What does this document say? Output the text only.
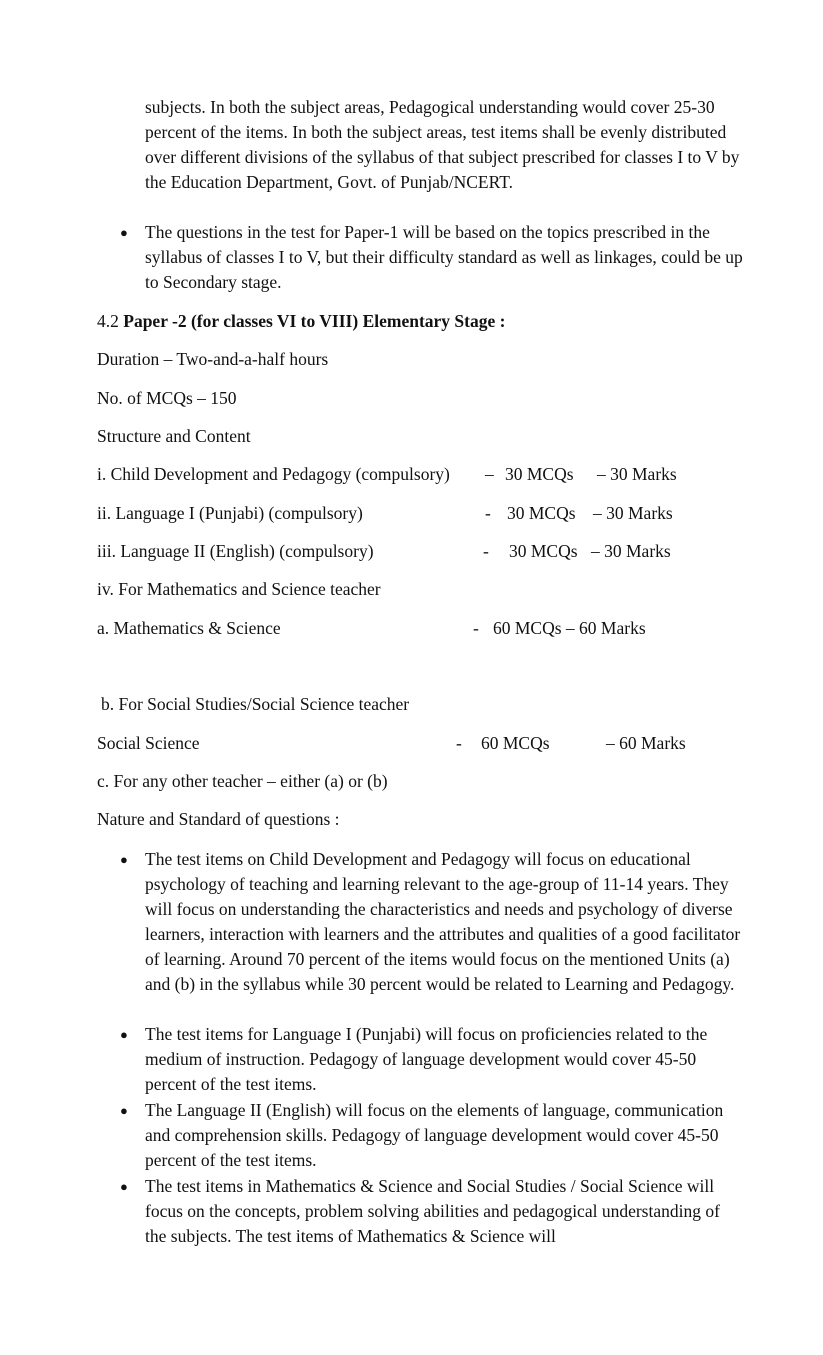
subjects. In both the subject areas, Pedagogical understanding would cover 25-30 percent of the items. In both the subject areas, test items shall be evenly distributed over different divisions of the syllabus of that subject prescribed for classes I to V by the Education Department, Govt. of Punjab/NCERT.
● The questions in the test for Paper-1 will be based on the topics prescribed in the syllabus of classes I to V, but their difficulty standard as well as linkages, could be up to Secondary stage.
4.2 Paper -2 (for classes VI to VIII) Elementary Stage :
Duration – Two-and-a-half hours
No. of MCQs – 150
Structure and Content
i. Child Development and Pedagogy (compulsory) – 30 MCQs – 30 Marks
ii. Language I (Punjabi) (compulsory)	- 30 MCQs – 30 Marks
iii. Language II (English) (compulsory)	- 30 MCQs – 30 Marks
iv. For Mathematics and Science teacher
a. Mathematics & Science	- 60 MCQs – 60 Marks
b. For Social Studies/Social Science teacher
Social Science	- 60 MCQs	– 60 Marks
c. For any other teacher – either (a) or (b)
Nature and Standard of questions :
● The test items on Child Development and Pedagogy will focus on educational psychology of teaching and learning relevant to the age-group of 11-14 years. They will focus on understanding the characteristics and needs and psychology of diverse learners, interaction with learners and the attributes and qualities of a good facilitator of learning. Around 70 percent of the items would focus on the mentioned Units (a) and (b) in the syllabus while 30 percent would be related to Learning and Pedagogy.
● The test items for Language I (Punjabi) will focus on proficiencies related to the medium of instruction. Pedagogy of language development would cover 45-50 percent of the test items.
● The Language II (English) will focus on the elements of language, communication and comprehension skills. Pedagogy of language development would cover 45-50 percent of the test items.
● The test items in Mathematics & Science and Social Studies / Social Science will focus on the concepts, problem solving abilities and pedagogical understanding of the subjects. The test items of Mathematics & Science will
